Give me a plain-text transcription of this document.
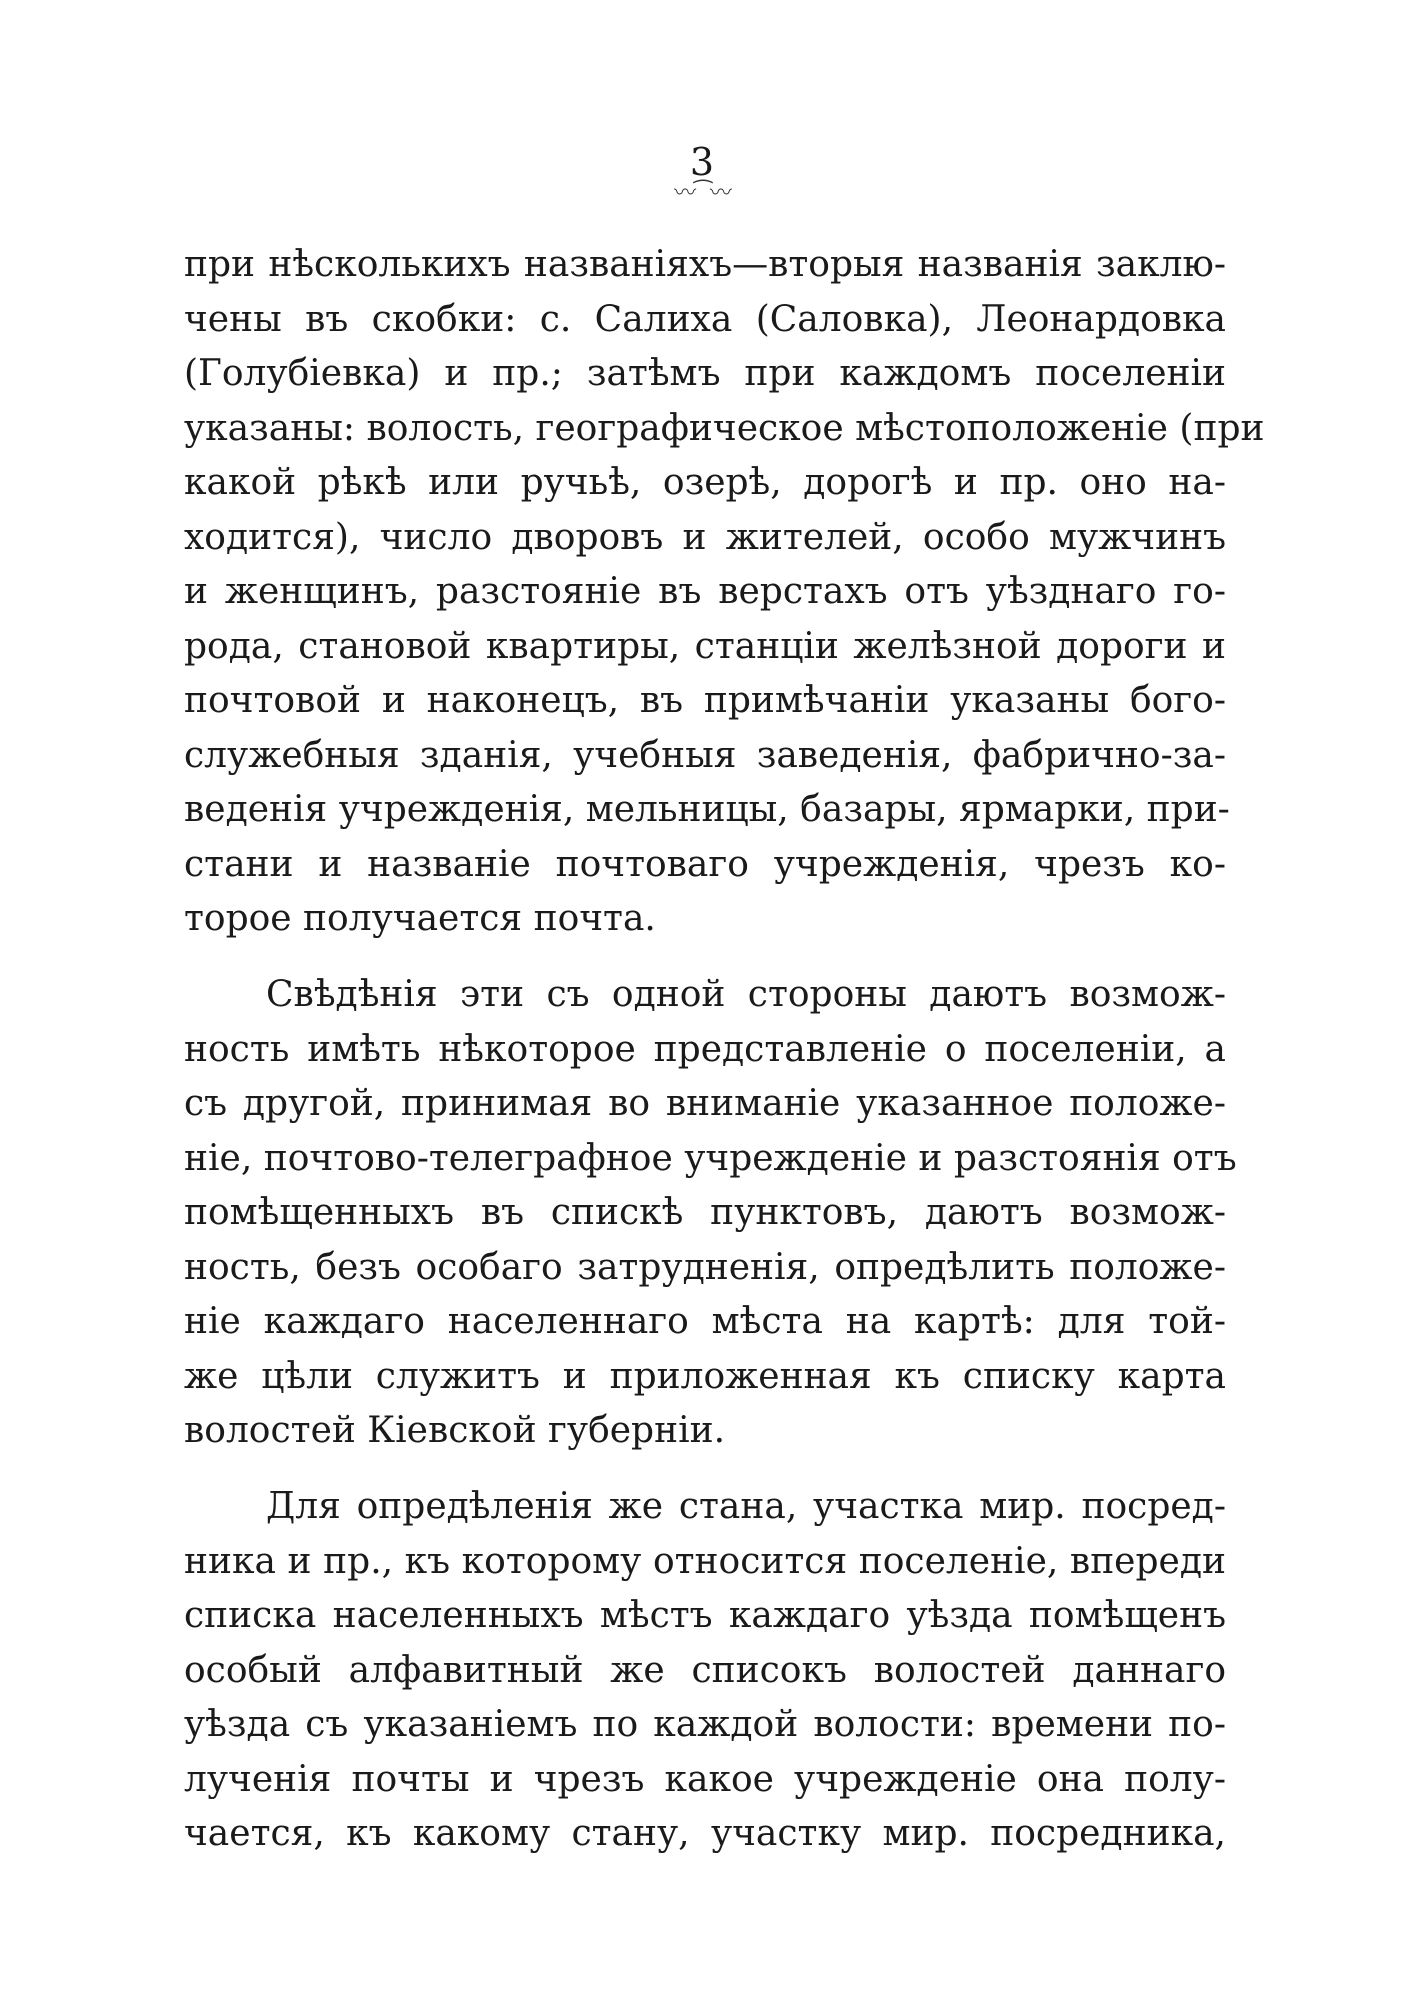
3
〰⁀〰
при нѣсколькихъ названiяхъ—вторыя названiя заклю-
чены въ скобки: с. Салиха (Саловка), Леонардовка
(Голубiевка) и пр.; затѣмъ при каждомъ поселенiи
указаны: волость, географическое мѣстоположенiе (при
какой рѣкѣ или ручьѣ, озерѣ, дорогѣ и пр. оно на-
ходится), число дворовъ и жителей, особо мужчинъ
и женщинъ, разстоянiе въ верстахъ отъ уѣзднаго го-
рода, становой квартиры, станцiи желѣзной дороги и
почтовой и наконецъ, въ примѣчанiи указаны бого-
служебныя зданiя, учебныя заведенiя, фабрично-за-
веденiя учрежденiя, мельницы, базары, ярмарки, при-
стани и названiе почтоваго учрежденiя, чрезъ ко-
торое получается почта.
Свѣдѣнiя эти съ одной стороны даютъ возмож-
ность имѣть нѣкоторое представленiе о поселенiи, а
съ другой, принимая во вниманiе указанное положе-
нiе, почтово-телеграфное учрежденiе и разстоянiя отъ
помѣщенныхъ въ спискѣ пунктовъ, даютъ возмож-
ность, безъ особаго затрудненiя, опредѣлить положе-
нiе каждаго населеннаго мѣста на картѣ: для той-
же цѣли служитъ и приложенная къ списку карта
волостей Кiевской губернiи.
Для опредѣленiя же стана, участка мир. посред-
ника и пр., къ которому относится поселенiе, впереди
списка населенныхъ мѣстъ каждаго уѣзда помѣщенъ
особый алфавитный же списокъ волостей даннаго
уѣзда съ указанiемъ по каждой волости: времени по-
лученiя почты и чрезъ какое учрежденiе она полу-
чается, къ какому стану, участку мир. посредника,
